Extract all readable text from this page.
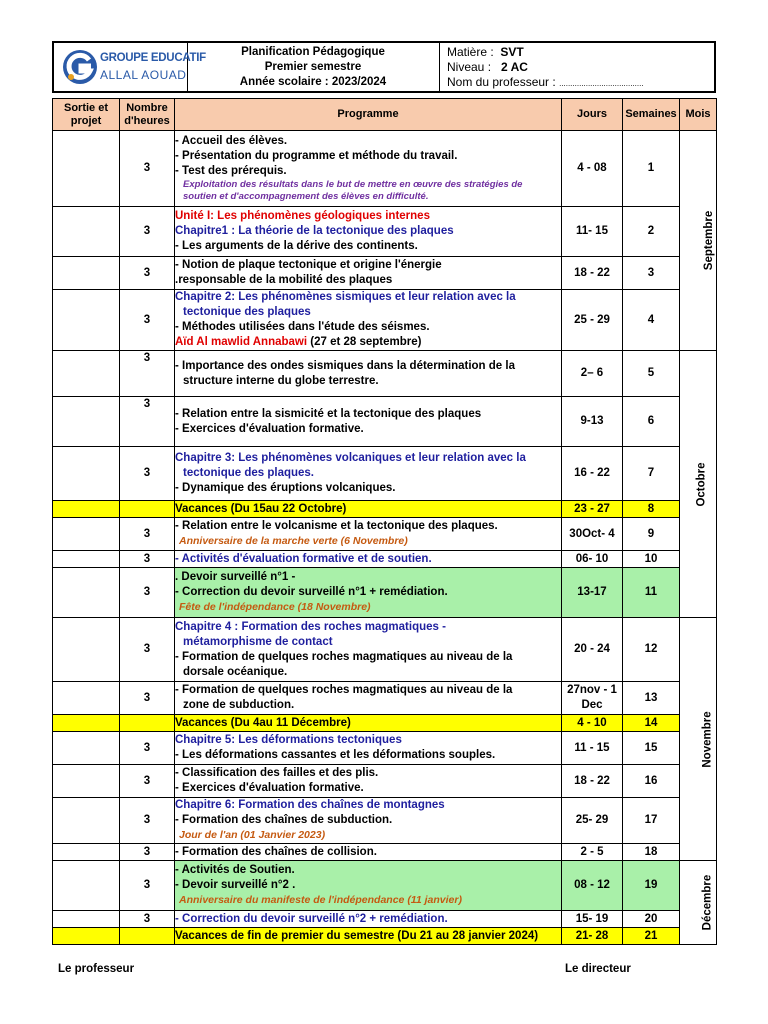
GROUPE EDUCATIF
ALLAL AOUAD
Planification Pédagogique
Premier semestre
Année scolaire : 2023/2024
Matière : SVT
Niveau : 2 AC
Nom du professeur : ......................................
Sortie et projet	Nombre d'heures	Programme	Jours	Semaines	Mois
	3	- Accueil des élèves.
- Présentation du programme et méthode du travail.
- Test des prérequis.
Exploitation des résultats dans le but de mettre en œuvre des stratégies de
soutien et d'accompagnement des élèves en difficulté.	4 - 08	1	Septembre
	3	Unité I: Les phénomènes géologiques internes
Chapitre1 : La théorie de la tectonique des plaques
- Les arguments de la dérive des continents.	11- 15	2	
	3	- Notion de plaque tectonique et origine l'énergie
.responsable de la mobilité des plaques	18 - 22	3	
	3	Chapitre 2: Les phénomènes sismiques et leur relation avec la
tectonique des plaques
- Méthodes utilisées dans l'étude des séismes.
Aïd Al mawlid Annabawi (27 et 28 septembre)	25 - 29	4	
	3	- Importance des ondes sismiques dans la détermination de la
structure interne du globe terrestre.	2– 6	5	Octobre
	3	- Relation entre la sismicité et la tectonique des plaques
- Exercices d'évaluation formative.	9-13	6	
	3	Chapitre 3: Les phénomènes volcaniques et leur relation avec la
tectonique des plaques.
- Dynamique des éruptions volcaniques.	16 - 22	7	

		Vacances (Du 15au 22 Octobre)	23 - 27	8	
	3	- Relation entre le volcanisme et la tectonique des plaques.
Anniversaire de la marche verte (6 Novembre)	30Oct- 4	9	
	3	- Activités d'évaluation formative et de soutien.	06- 10	10	
	3	. Devoir surveillé n°1 -
- Correction du devoir surveillé n°1 + remédiation.
Fête de l'indépendance (18 Novembre)	13-17	11	
	3	Chapitre 4 : Formation des roches magmatiques -
métamorphisme de contact
- Formation de quelques roches magmatiques au niveau de la
dorsale océanique.	20 - 24	12	Novembre
	3	- Formation de quelques roches magmatiques au niveau de la
zone de subduction.	27nov - 1 Dec	13	

		Vacances (Du 4au 11 Décembre)	4 - 10	14	
	3	Chapitre 5: Les déformations tectoniques
- Les déformations cassantes et les déformations souples.	11 - 15	15	
	3	- Classification des failles et des plis.
- Exercices d'évaluation formative.	18 - 22	16	
	3	Chapitre 6: Formation des chaînes de montagnes
- Formation des chaînes de subduction.
Jour de l'an (01 Janvier 2023)	25- 29	17	
	3	- Formation des chaînes de collision.	2 - 5	18	
	3	- Activités de Soutien.
- Devoir surveillé n°2 .
Anniversaire du manifeste de l'indépendance (11 janvier)	08 - 12	19	Décembre
	3	- Correction du devoir surveillé n°2 + remédiation.	15- 19	20	

		Vacances de fin de premier du semestre (Du 21 au 28 janvier 2024)	21- 28	21	
Le professeur	Le directeur
